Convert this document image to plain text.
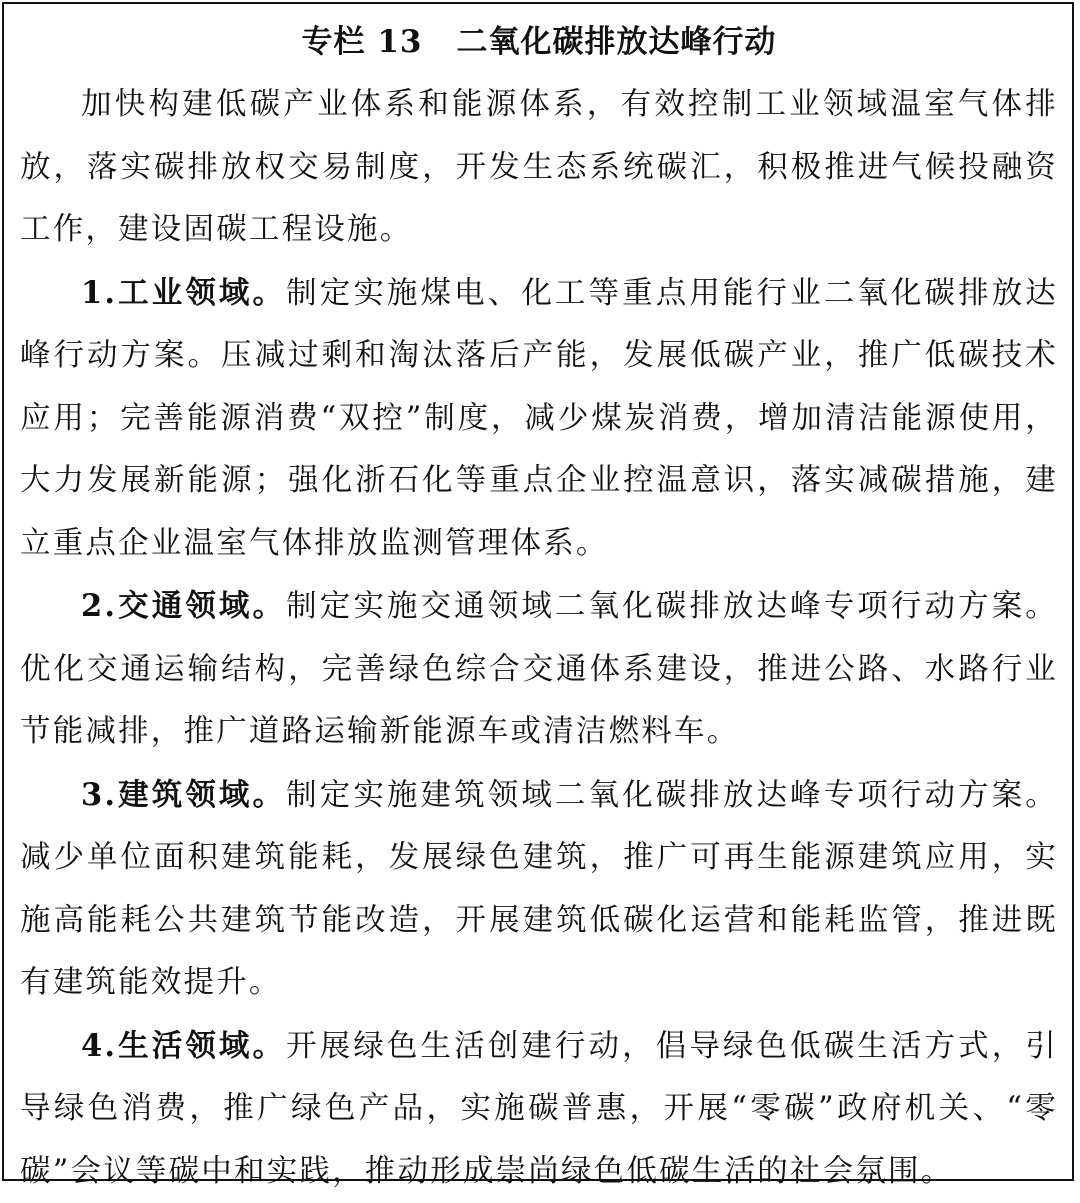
专栏 13 二氧化碳排放达峰行动

加快构建低碳产业体系和能源体系，有效控制工业领域温室气体排放，落实碳排放权交易制度，开发生态系统碳汇，积极推进气候投融资工作，建设固碳工程设施。

1.工业领域。制定实施煤电、化工等重点用能行业二氧化碳排放达峰行动方案。压减过剩和淘汰落后产能，发展低碳产业，推广低碳技术应用；完善能源消费“双控”制度，减少煤炭消费，增加清洁能源使用，大力发展新能源；强化浙石化等重点企业控温意识，落实减碳措施，建立重点企业温室气体排放监测管理体系。

2.交通领域。制定实施交通领域二氧化碳排放达峰专项行动方案。优化交通运输结构，完善绿色综合交通体系建设，推进公路、水路行业节能减排，推广道路运输新能源车或清洁燃料车。

3.建筑领域。制定实施建筑领域二氧化碳排放达峰专项行动方案。减少单位面积建筑能耗，发展绿色建筑，推广可再生能源建筑应用，实施高能耗公共建筑节能改造，开展建筑低碳化运营和能耗监管，推进既有建筑能效提升。

4.生活领域。开展绿色生活创建行动，倡导绿色低碳生活方式，引导绿色消费，推广绿色产品，实施碳普惠，开展“零碳”政府机关、“零碳”会议等碳中和实践，推动形成崇尚绿色低碳生活的社会氛围。
